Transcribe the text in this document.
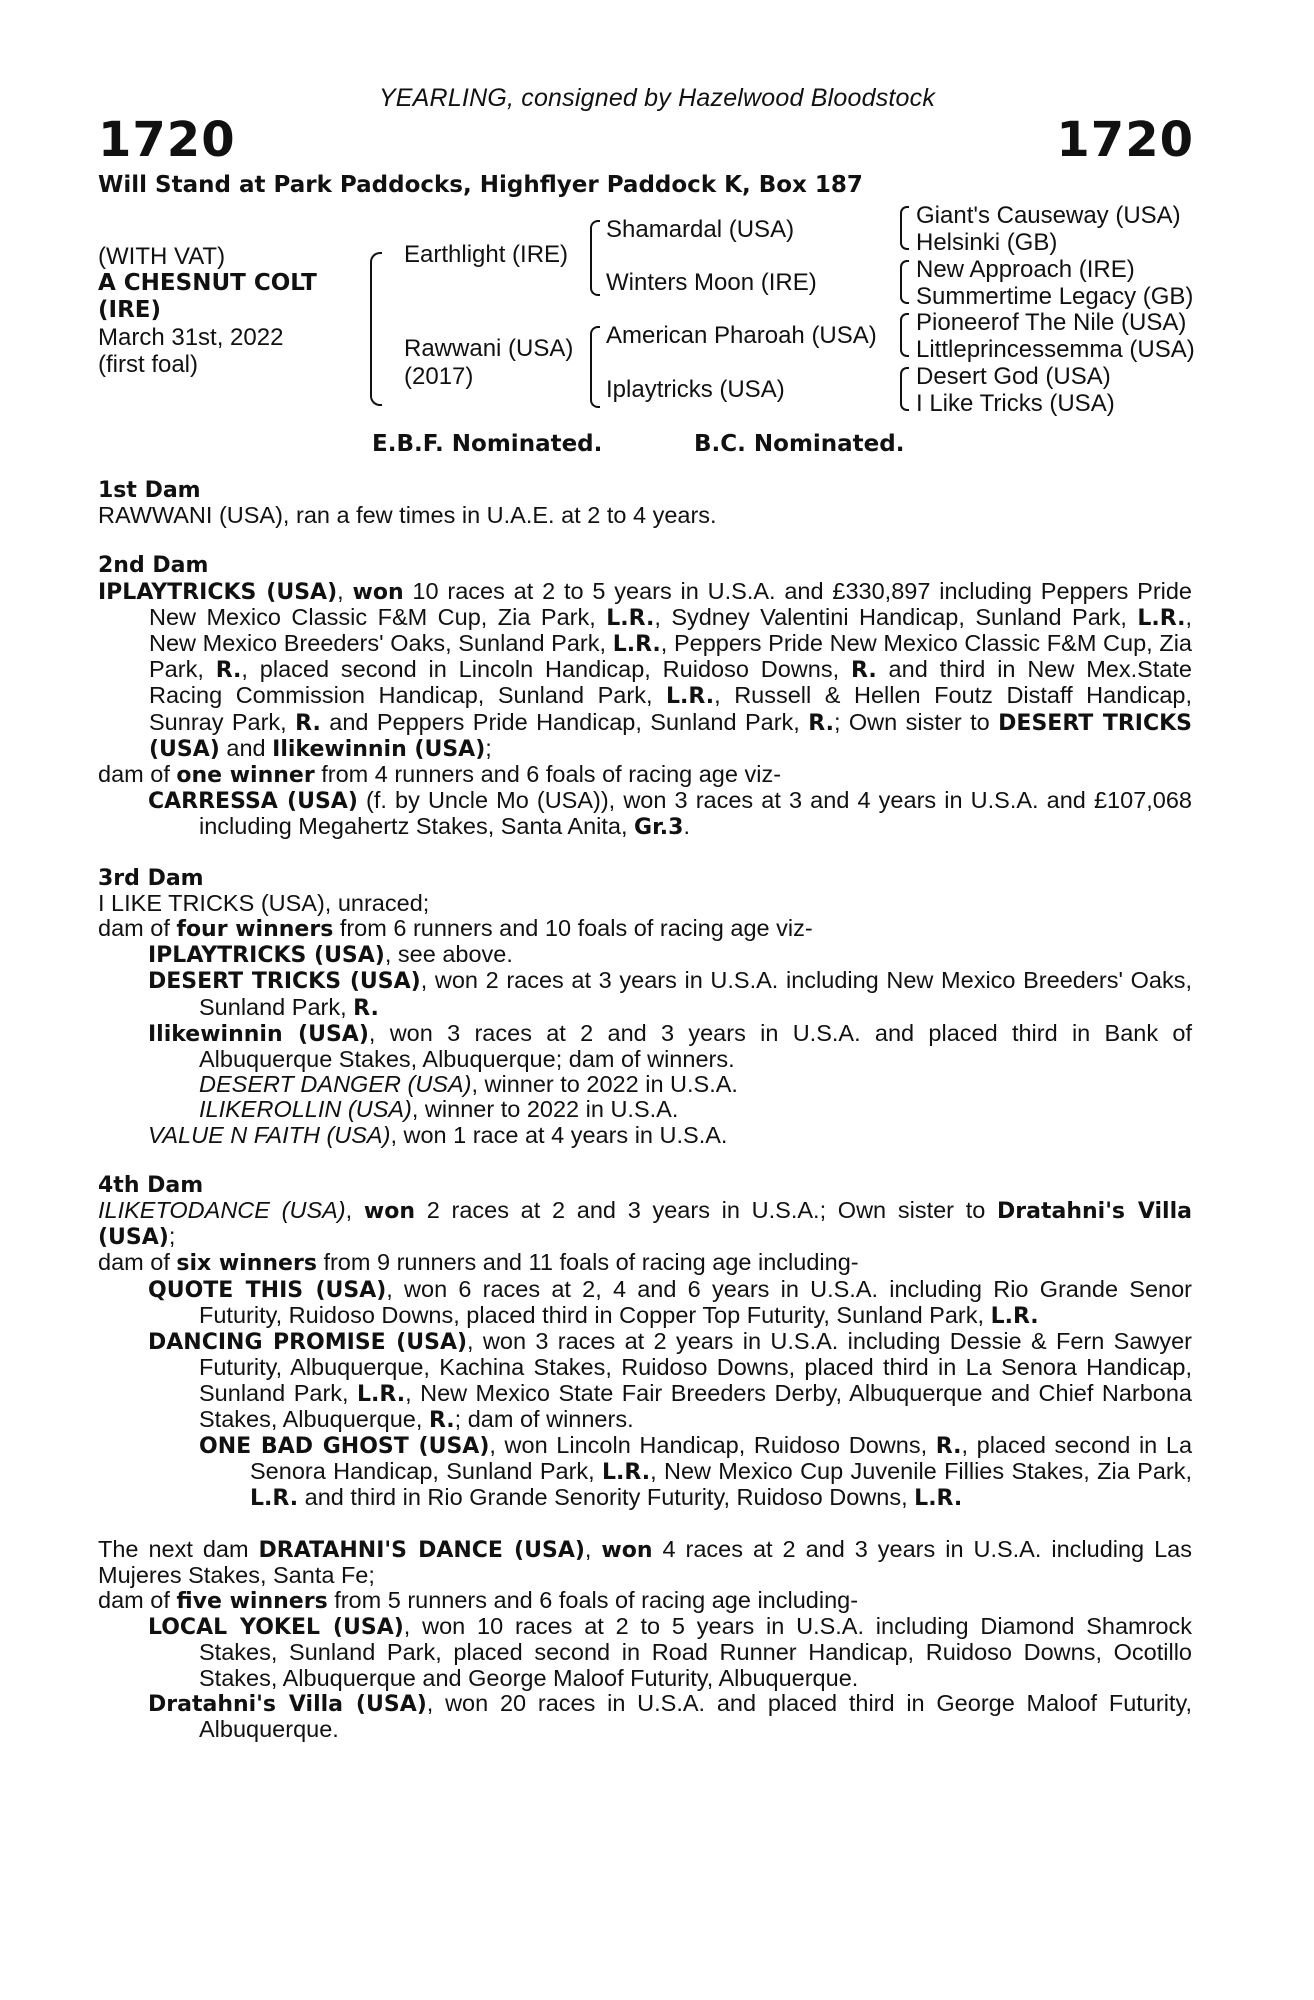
YEARLING, consigned by Hazelwood Bloodstock
1720	1720
Will Stand at Park Paddocks, Highflyer Paddock K, Box 187
(WITH VAT)
A CHESNUT COLT
(IRE)
March 31st, 2022
(first foal)
Earthlight (IRE)
Rawwani (USA)
(2017)
Shamardal (USA)
Winters Moon (IRE)
American Pharoah (USA)
Iplaytricks (USA)
Giant's Causeway (USA)
Helsinki (GB)
New Approach (IRE)
Summertime Legacy (GB)
Pioneerof The Nile (USA)
Littleprincessemma (USA)
Desert God (USA)
I Like Tricks (USA)
E.B.F. Nominated.	B.C. Nominated.
1st Dam

RAWWANI (USA), ran a few times in U.A.E. at 2 to 4 years.

2nd Dam

IPLAYTRICKS (USA), won 10 races at 2 to 5 years in U.S.A. and £330,897 including Peppers Pride New Mexico Classic F&M Cup, Zia Park, L.R., Sydney Valentini Handicap, Sunland Park, L.R., New Mexico Breeders' Oaks, Sunland Park, L.R., Peppers Pride New Mexico Classic F&M Cup, Zia Park, R., placed second in Lincoln Handicap, Ruidoso Downs, R. and third in New Mex.State Racing Commission Handicap, Sunland Park, L.R., Russell & Hellen Foutz Distaff Handicap, Sunray Park, R. and Peppers Pride Handicap, Sunland Park, R.; Own sister to DESERT TRICKS (USA) and Ilikewinnin (USA);

dam of one winner from 4 runners and 6 foals of racing age viz-

CARRESSA (USA) (f. by Uncle Mo (USA)), won 3 races at 3 and 4 years in U.S.A. and £107,068 including Megahertz Stakes, Santa Anita, Gr.3.

3rd Dam

I LIKE TRICKS (USA), unraced;

dam of four winners from 6 runners and 10 foals of racing age viz-

IPLAYTRICKS (USA), see above.

DESERT TRICKS (USA), won 2 races at 3 years in U.S.A. including New Mexico Breeders' Oaks, Sunland Park, R.

Ilikewinnin (USA), won 3 races at 2 and 3 years in U.S.A. and placed third in Bank of Albuquerque Stakes, Albuquerque; dam of winners.

DESERT DANGER (USA), winner to 2022 in U.S.A.

ILIKEROLLIN (USA), winner to 2022 in U.S.A.

VALUE N FAITH (USA), won 1 race at 4 years in U.S.A.

4th Dam

ILIKETODANCE (USA), won 2 races at 2 and 3 years in U.S.A.; Own sister to Dratahni's Villa (USA);

dam of six winners from 9 runners and 11 foals of racing age including-

QUOTE THIS (USA), won 6 races at 2, 4 and 6 years in U.S.A. including Rio Grande Senor Futurity, Ruidoso Downs, placed third in Copper Top Futurity, Sunland Park, L.R.

DANCING PROMISE (USA), won 3 races at 2 years in U.S.A. including Dessie & Fern Sawyer Futurity, Albuquerque, Kachina Stakes, Ruidoso Downs, placed third in La Senora Handicap, Sunland Park, L.R., New Mexico State Fair Breeders Derby, Albuquerque and Chief Narbona Stakes, Albuquerque, R.; dam of winners.

ONE BAD GHOST (USA), won Lincoln Handicap, Ruidoso Downs, R., placed second in La Senora Handicap, Sunland Park, L.R., New Mexico Cup Juvenile Fillies Stakes, Zia Park, L.R. and third in Rio Grande Senority Futurity, Ruidoso Downs, L.R.

The next dam DRATAHNI'S DANCE (USA), won 4 races at 2 and 3 years in U.S.A. including Las Mujeres Stakes, Santa Fe;

dam of five winners from 5 runners and 6 foals of racing age including-

LOCAL YOKEL (USA), won 10 races at 2 to 5 years in U.S.A. including Diamond Shamrock Stakes, Sunland Park, placed second in Road Runner Handicap, Ruidoso Downs, Ocotillo Stakes, Albuquerque and George Maloof Futurity, Albuquerque.

Dratahni's Villa (USA), won 20 races in U.S.A. and placed third in George Maloof Futurity, Albuquerque.
